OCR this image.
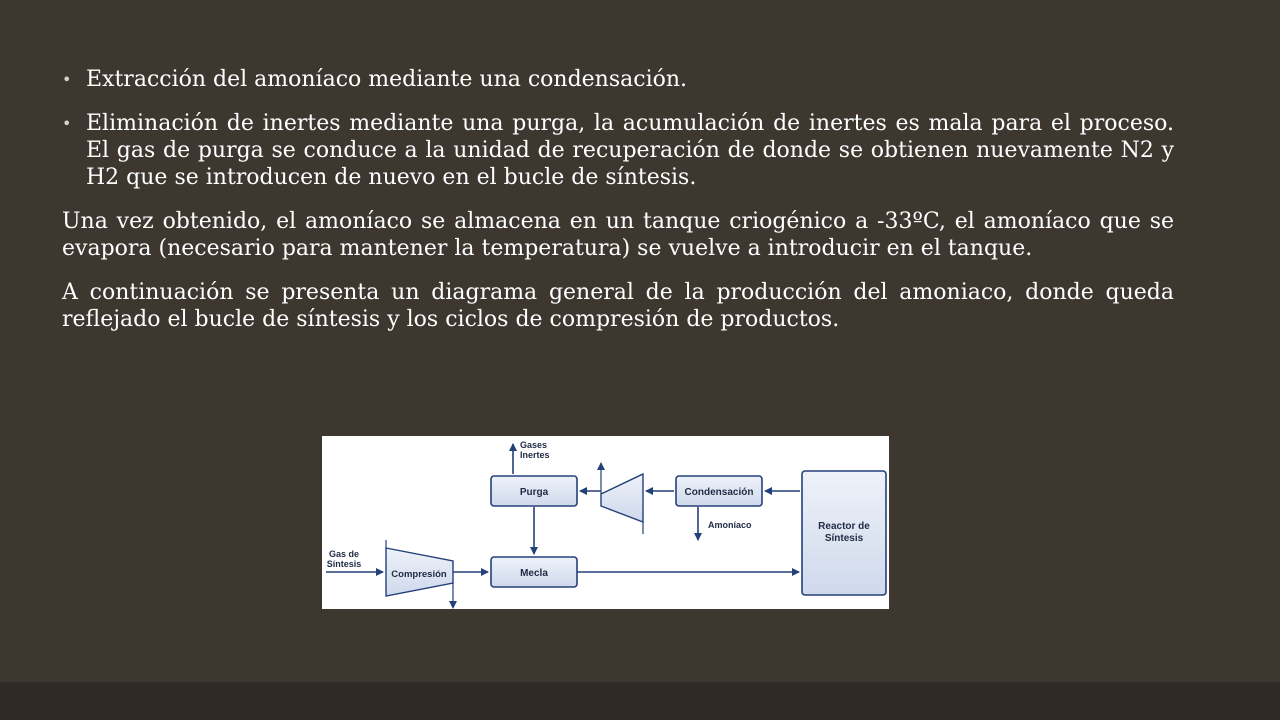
• Extracción del amoníaco mediante una condensación.
• Eliminación de inertes mediante una purga, la acumulación de inertes es mala para el proceso. El gas de purga se conduce a la unidad de recuperación de donde se obtienen nuevamente N2 y H2 que se introducen de nuevo en el bucle de síntesis.

Una vez obtenido, el amoníaco se almacena en un tanque criogénico a -33ºC, el amoníaco que se evapora (necesario para mantener la temperatura) se vuelve a introducir en el tanque.

A continuación se presenta un diagrama general de la producción del amoniaco, donde queda reflejado el bucle de síntesis y los ciclos de compresión de productos.

Gases
Inertes
Purga	Condensación
Amoníaco	Reactor de
Síntesis
Mecla
Compresión
Gas de
Síntesis
